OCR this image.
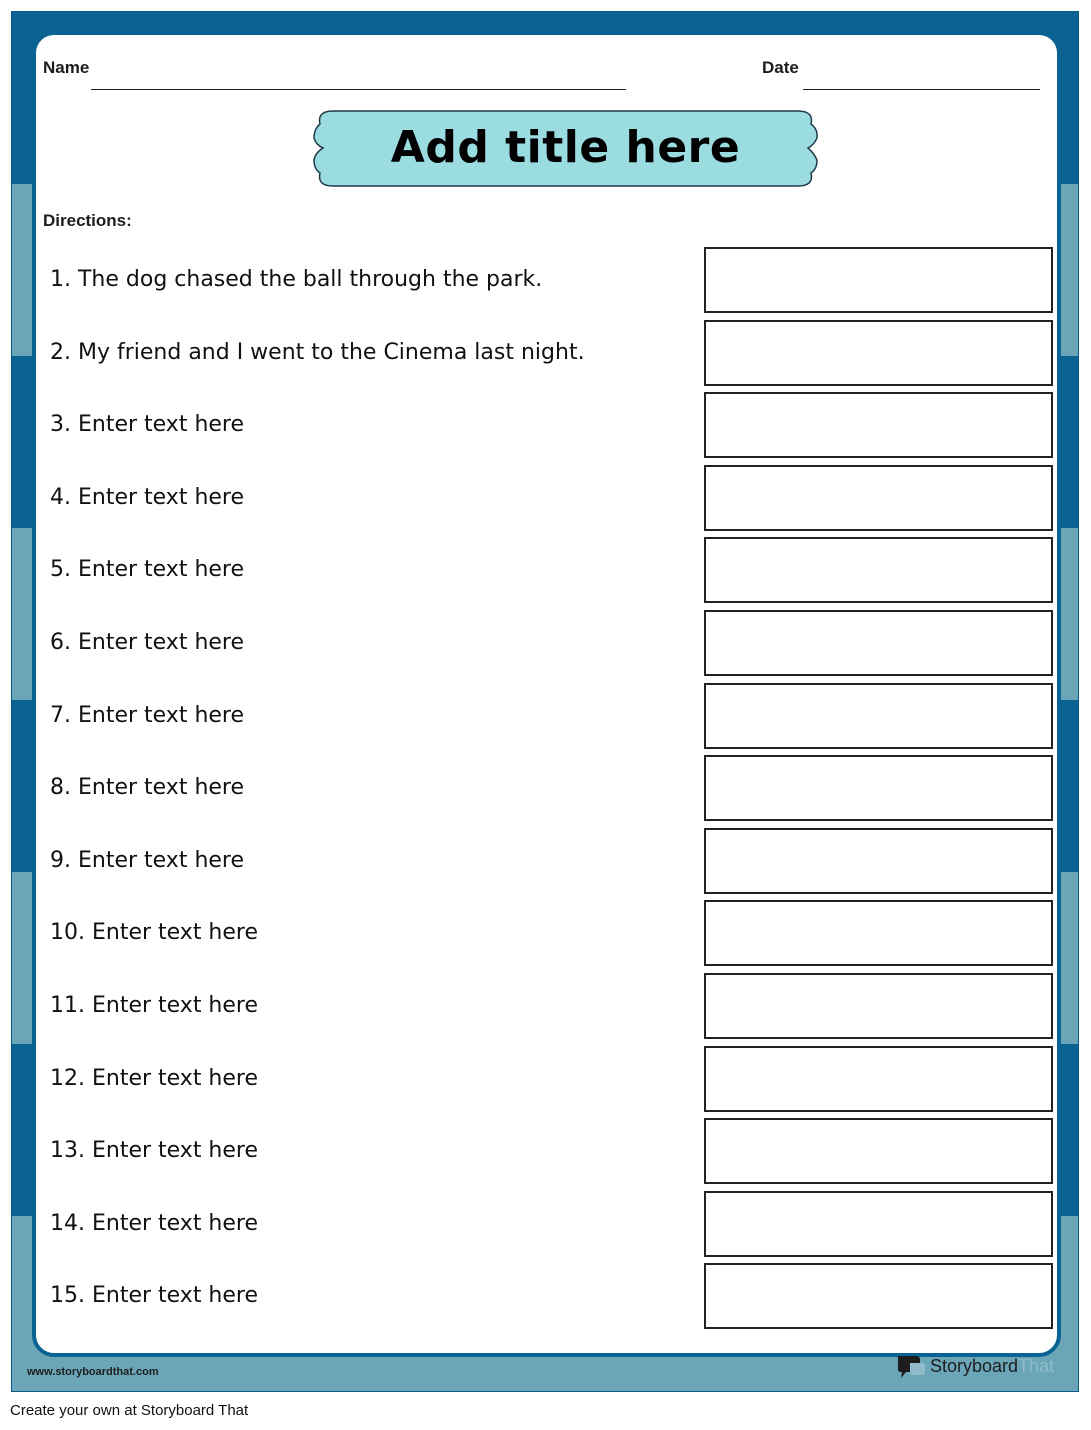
Name	Date
Add title here
Directions:
1. The dog chased the ball through the park.
2. My friend and I went to the Cinema last night.
3. Enter text here
4. Enter text here
5. Enter text here
6. Enter text here
7. Enter text here
8. Enter text here
9. Enter text here
10. Enter text here
11. Enter text here
12. Enter text here
13. Enter text here
14. Enter text here
15. Enter text here
www.storyboardthat.com	StoryboardThat
Create your own at Storyboard That
